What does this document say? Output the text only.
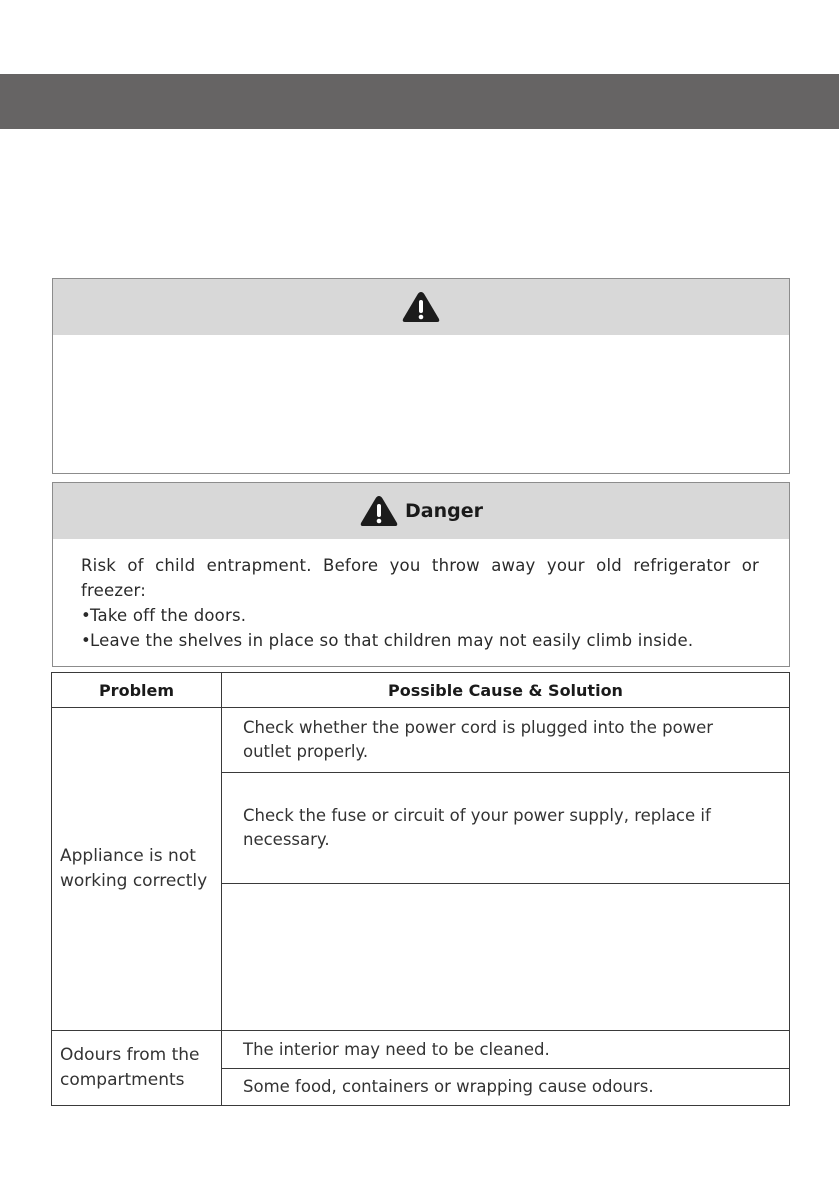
Danger
Risk of child entrapment. Before you throw away your old refrigerator or freezer:
• Take off the doors.
• Leave the shelves in place so that children may not easily climb inside.
Problem	Possible Cause & Solution
Appliance is not working correctly	Check whether the power cord is plugged into the power outlet properly.
	Check the fuse or circuit of your power supply, replace if necessary.

Odours from the compartments	The interior may need to be cleaned.
	Some food, containers or wrapping cause odours.
